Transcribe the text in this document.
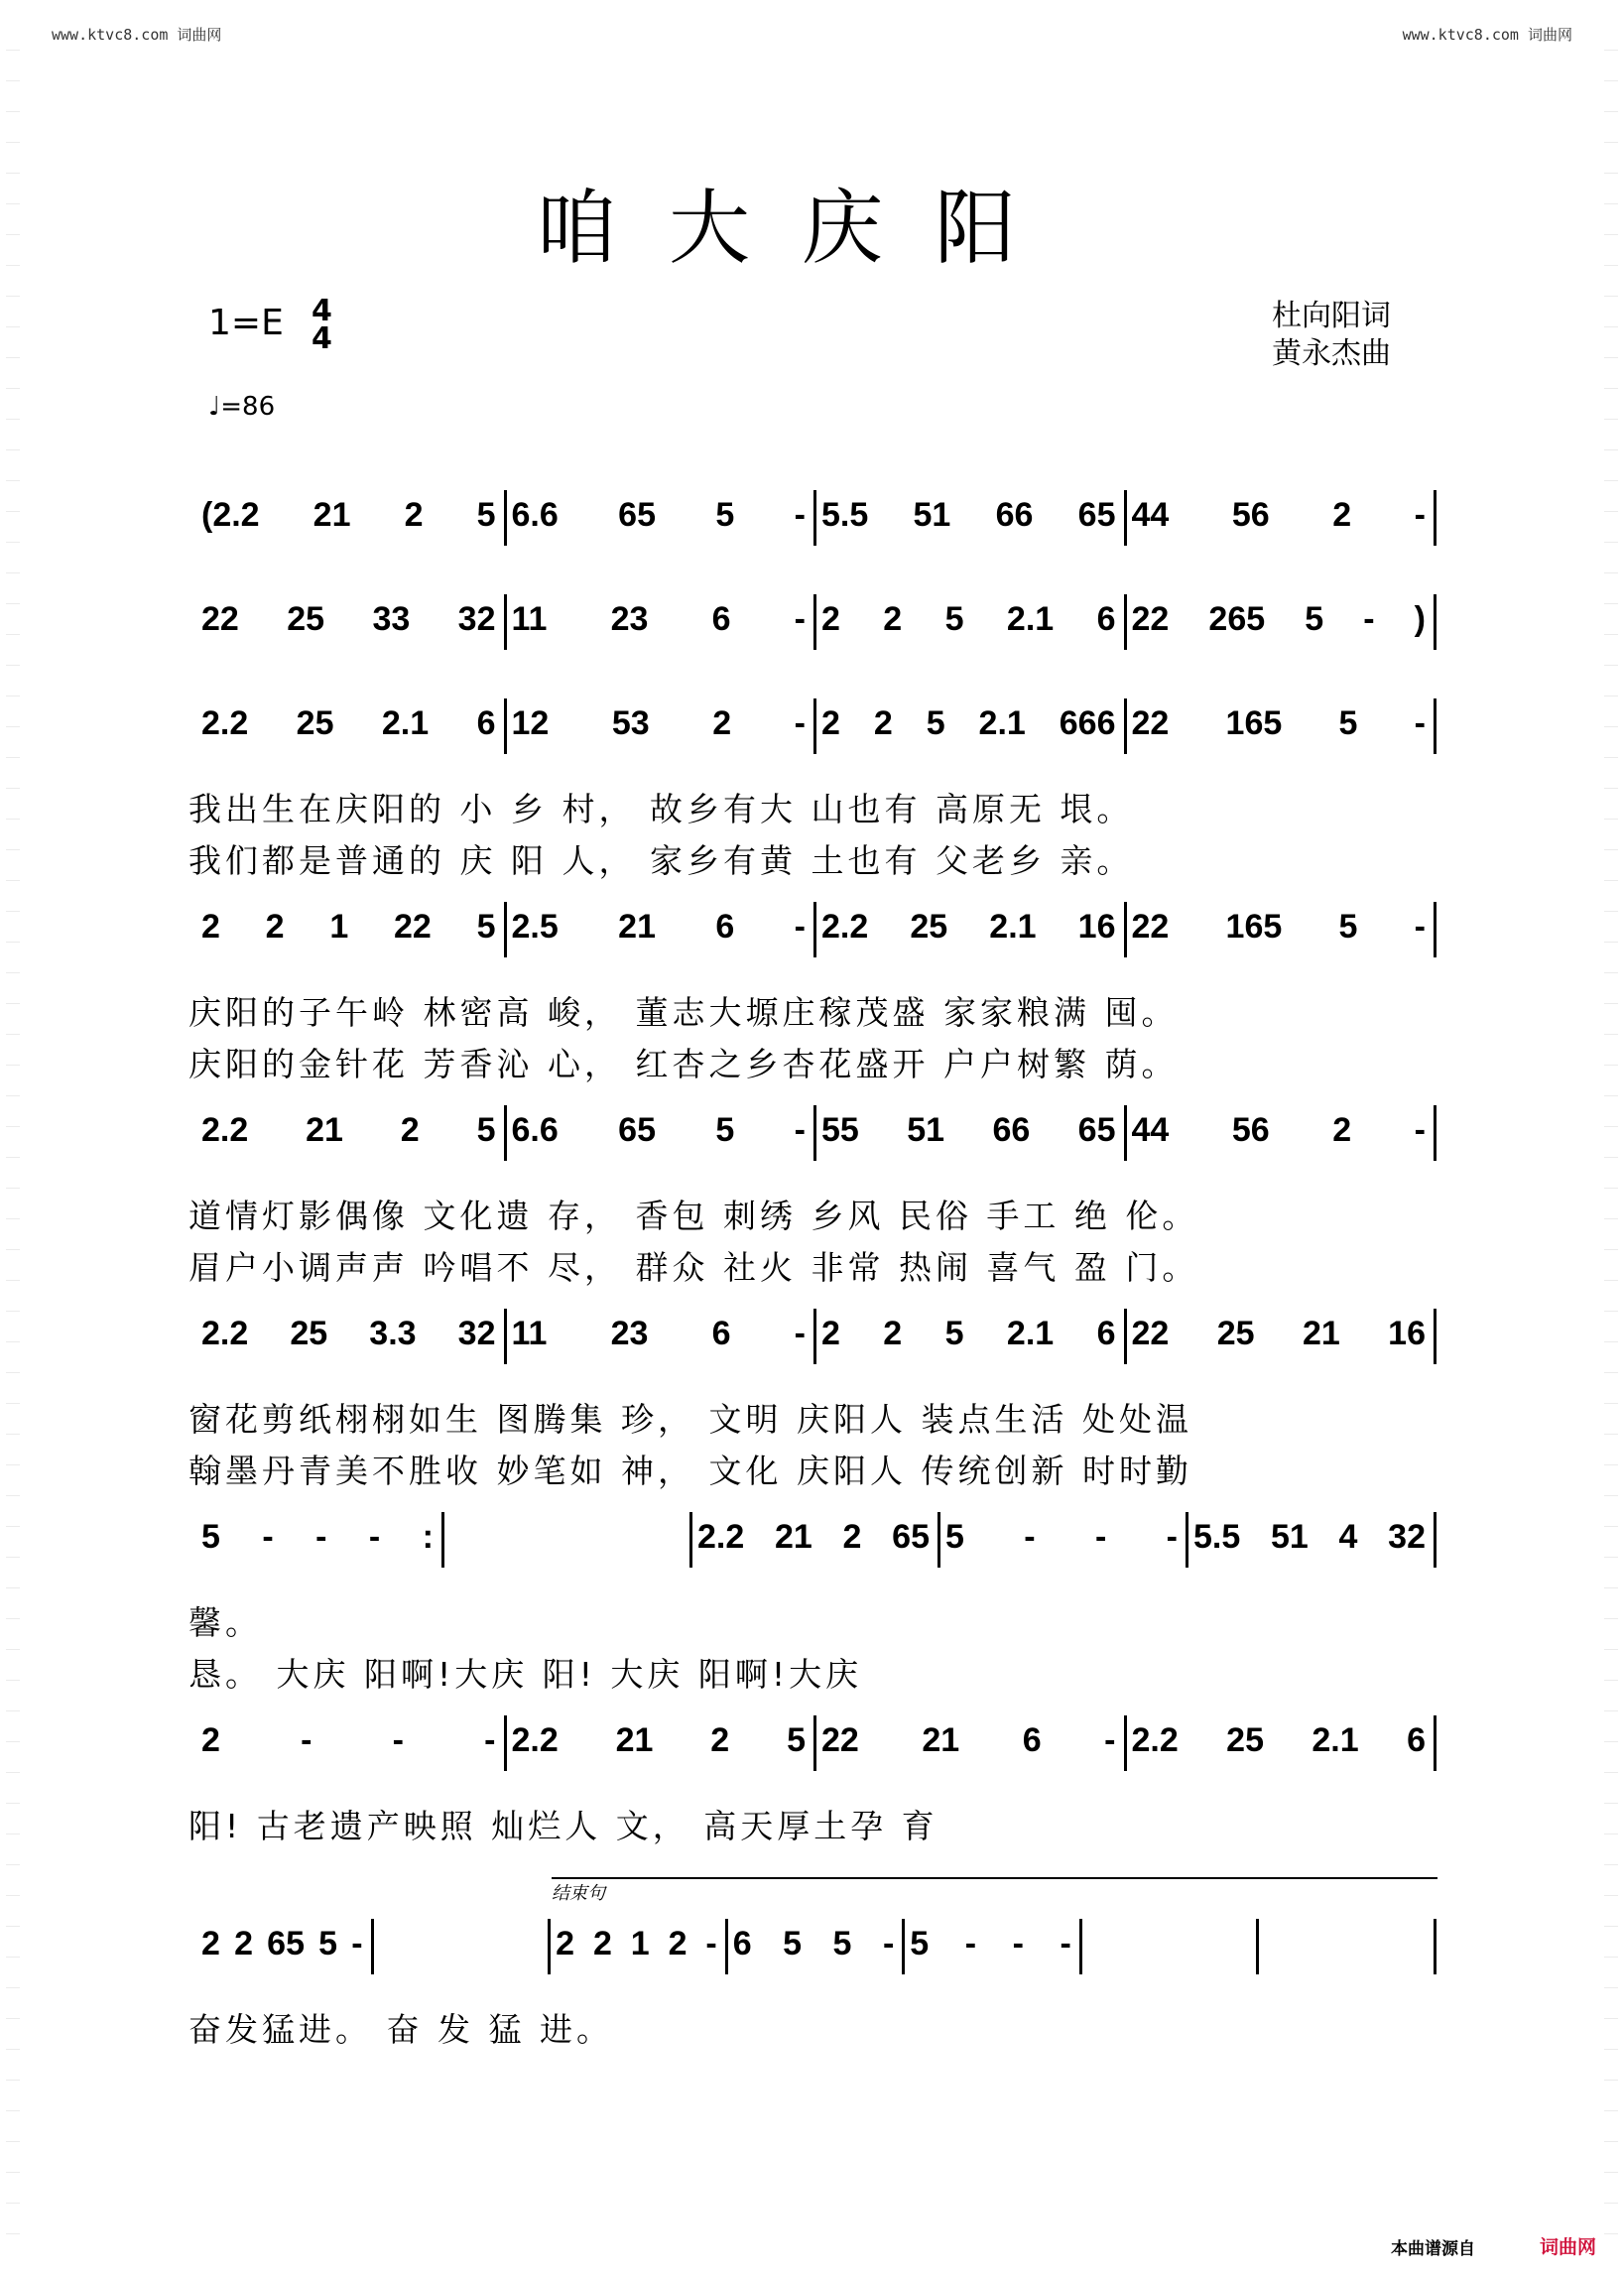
www.ktvc8.com 词曲网	www.ktvc8.com 词曲网
咱大庆阳
1=E 4
4
♩=86
杜向阳词
黄永杰曲
(2.2 21 2 5 6.6 65 5 - 5.5 51 66 65 44 56 2 -
22 25 33 32 11 23 6 - 2 2 5 2.1 6 22 265 5 - )
2.2 25 2.1 6 12 53 2 - 2 2 5 2.1 666 22 165 5 -
我出生在庆阳的 小 乡 村， 故乡有大 山也有 高原无 垠。
我们都是普通的 庆 阳 人， 家乡有黄 土也有 父老乡 亲。
2 2 1 22 5 2.5 21 6 - 2.2 25 2.1 16 22 165 5 -
庆阳的子午岭 林密高 峻， 董志大塬庄稼茂盛 家家粮满 囤。
庆阳的金针花 芳香沁 心， 红杏之乡杏花盛开 户户树繁 荫。
2.2 21 2 5 6.6 65 5 - 55 51 66 65 44 56 2 -
道情灯影偶像 文化遗 存， 香包 刺绣 乡风 民俗 手工 绝 伦。
眉户小调声声 吟唱不 尽， 群众 社火 非常 热闹 喜气 盈 门。
2.2 25 3.3 32 11 23 6 - 2 2 5 2.1 6 22 25 21 16
窗花剪纸栩栩如生 图腾集 珍， 文明 庆阳人 装点生活 处处温
翰墨丹青美不胜收 妙笔如 神， 文化 庆阳人 传统创新 时时勤
5 - - - :	2.2 21 2 65 5 - - - 5.5 51 4 32
馨。
恳。 大庆 阳啊!大庆 阳! 大庆 阳啊!大庆
2 - - - 2.2 21 2 5 22 21 6 - 2.2 25 2.1 6
阳! 古老遗产映照 灿烂人 文， 高天厚土孕 育
2 2 65 5 -	2 2 1 2 - 6 5 5 - 5 - - -
奋发猛进。 奋 发 猛 进。
结束句
本曲谱源自	词曲网
